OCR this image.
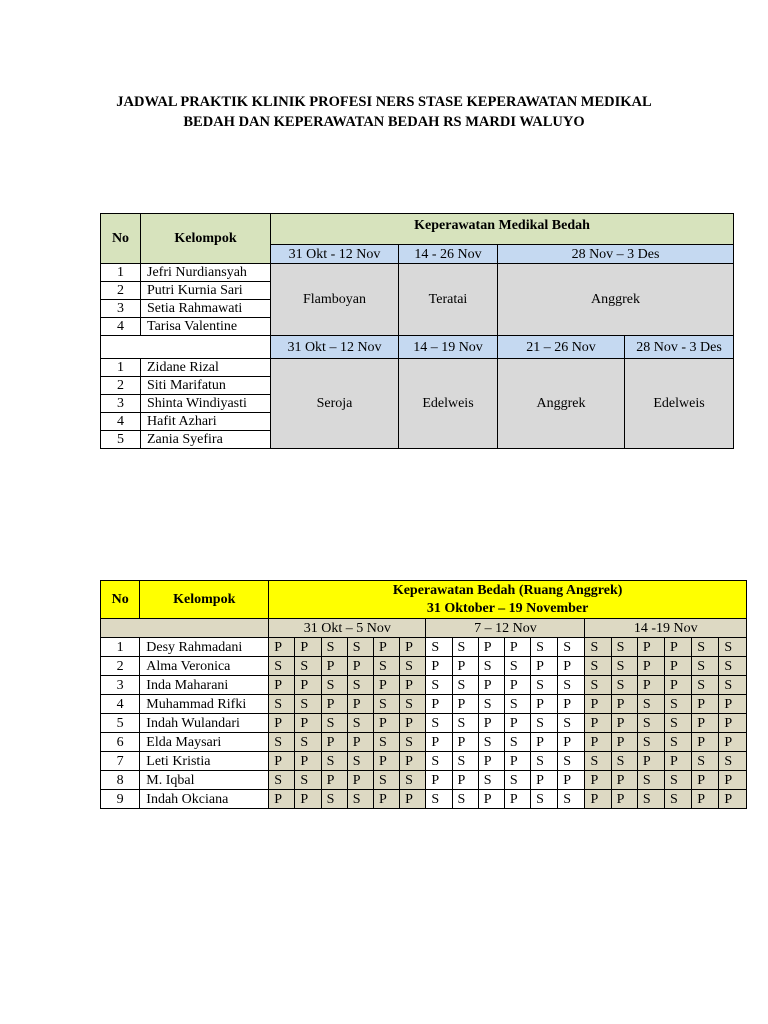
JADWAL PRAKTIK KLINIK PROFESI NERS STASE KEPERAWATAN MEDIKAL
BEDAH DAN KEPERAWATAN BEDAH RS MARDI WALUYO
No	Kelompok	Keperawatan Medikal Bedah			
		31 Okt - 12 Nov	14 - 26 Nov	28 Nov – 3 Des	
1	Jefri Nurdiansyah	Flamboyan	Teratai	Anggrek	
2	Putri Kurnia Sari				
3	Setia Rahmawati				
4	Tarisa Valentine				
		31 Okt – 12 Nov	14 – 19 Nov	21 – 26 Nov	28 Nov - 3 Des

1	Zidane Rizal	Seroja	Edelweis	Anggrek	Edelweis
2	Siti Marifatun				
3	Shinta Windiyasti				
4	Hafit Azhari				
5	Zania Syefira				
No	Kelompok	Keperawatan Bedah (Ruang Anggrek)																	
		31 Oktober – 19 November																	
		31 Okt – 5 Nov						7 – 12 Nov						14 -19 Nov					
1	Desy Rahmadani	P	P	S	S	P	P	S	S	P	P	S	S	S	S	P	P	S	S
2	Alma Veronica	S	S	P	P	S	S	P	P	S	S	P	P	S	S	P	P	S	S
3	Inda Maharani	P	P	S	S	P	P	S	S	P	P	S	S	S	S	P	P	S	S
4	Muhammad Rifki	S	S	P	P	S	S	P	P	S	S	P	P	P	P	S	S	P	P
5	Indah Wulandari	P	P	S	S	P	P	S	S	P	P	S	S	P	P	S	S	P	P
6	Elda Maysari	S	S	P	P	S	S	P	P	S	S	P	P	P	P	S	S	P	P
7	Leti Kristia	P	P	S	S	P	P	S	S	P	P	S	S	S	S	P	P	S	S
8	M. Iqbal	S	S	P	P	S	S	P	P	S	S	P	P	P	P	S	S	P	P
9	Indah Okciana	P	P	S	S	P	P	S	S	P	P	S	S	P	P	S	S	P	P
